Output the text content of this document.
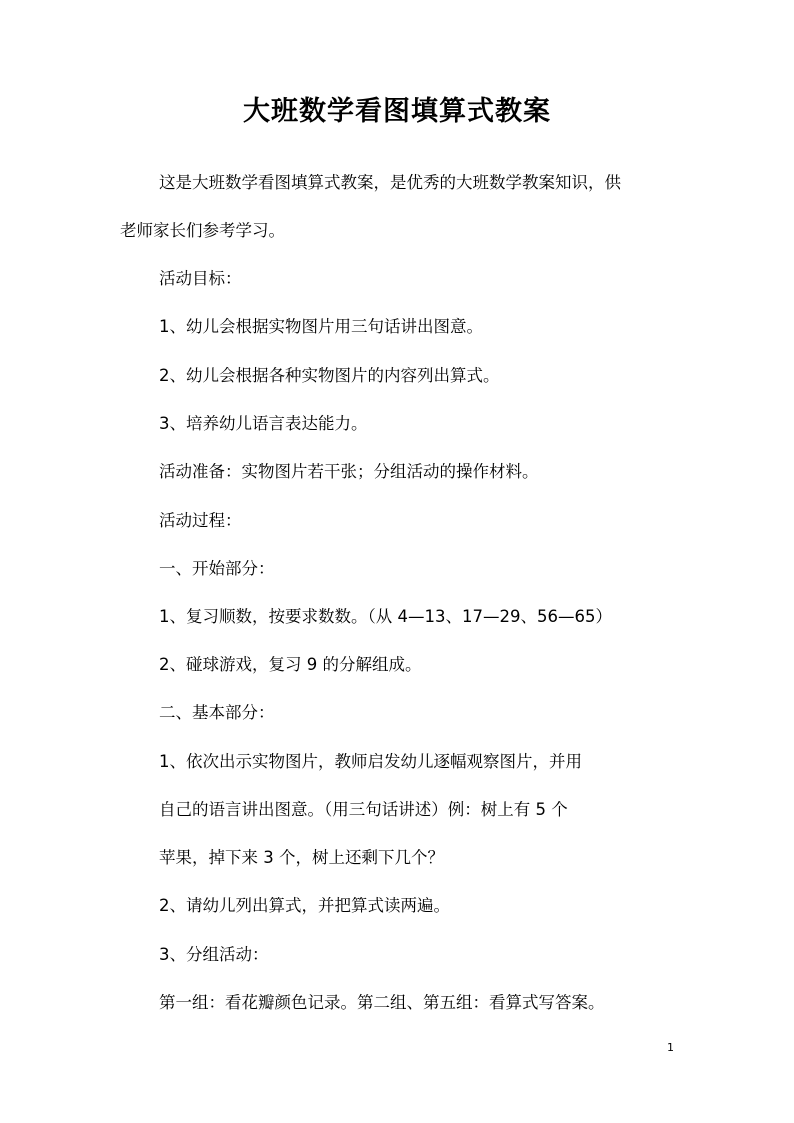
大班数学看图填算式教案
这是大班数学看图填算式教案，是优秀的大班数学教案知识，供
老师家长们参考学习。
活动目标：
1、幼儿会根据实物图片用三句话讲出图意。
2、幼儿会根据各种实物图片的内容列出算式。
3、培养幼儿语言表达能力。
活动准备：实物图片若干张；分组活动的操作材料。
活动过程：
一、开始部分：
1、复习顺数，按要求数数。（从 4—13、17—29、56—65）
2、碰球游戏，复习 9 的分解组成。
二、基本部分：
1、依次出示实物图片，教师启发幼儿逐幅观察图片，并用
自己的语言讲出图意。（用三句话讲述）例：树上有 5 个
苹果，掉下来 3 个，树上还剩下几个？
2、请幼儿列出算式，并把算式读两遍。
3、分组活动：
第一组：看花瓣颜色记录。第二组、第五组：看算式写答案。
1
